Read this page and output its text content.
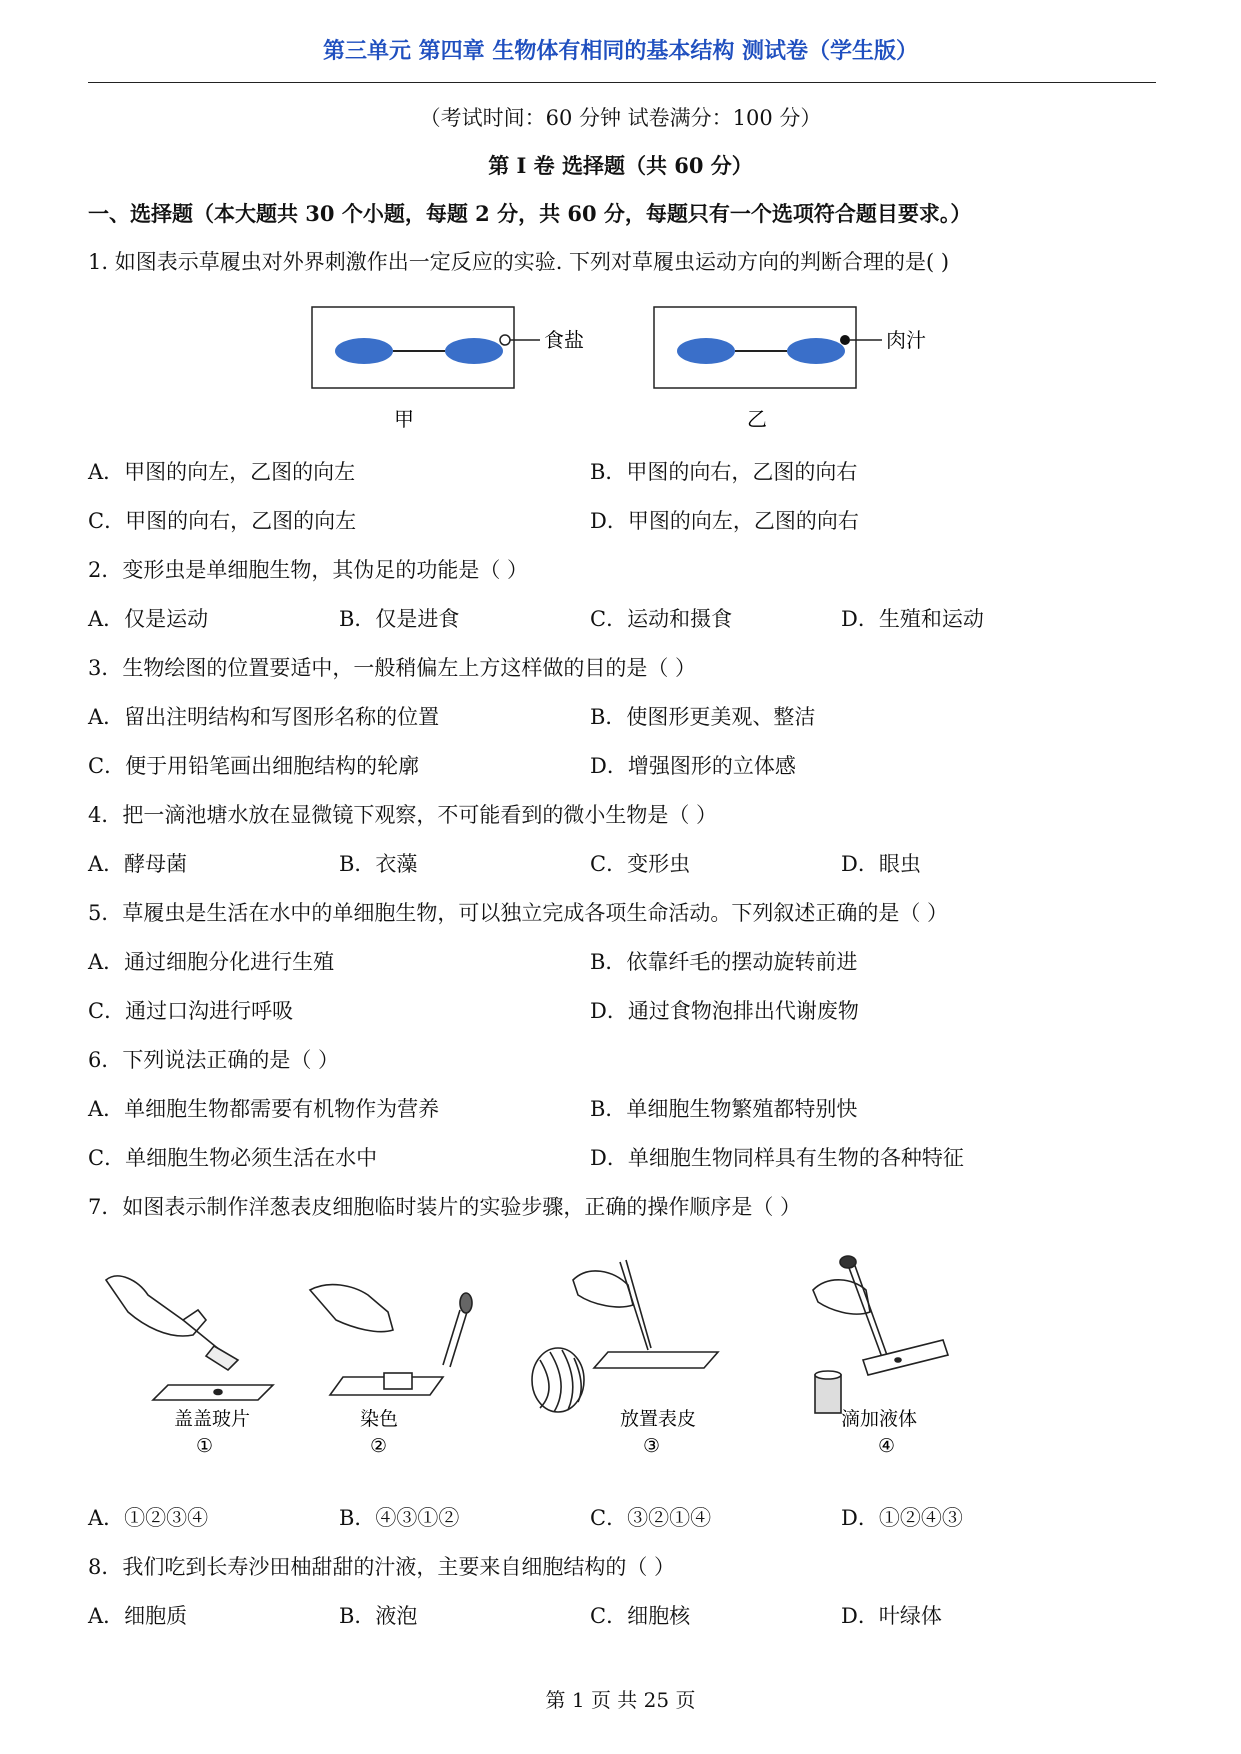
第三单元 第四章 生物体有相同的基本结构 测试卷（学生版）
（考试时间：60 分钟 试卷满分：100 分）
第 I 卷 选择题（共 60 分）
一、选择题（本大题共 30 个小题，每题 2 分，共 60 分，每题只有一个选项符合题目要求。）
1. 如图表示草履虫对外界刺激作出一定反应的实验. 下列对草履虫运动方向的判断合理的是( )
食盐
甲
肉汁
乙
A．甲图的向左，乙图的向左	B．甲图的向右，乙图的向右
C．甲图的向右，乙图的向左	D．甲图的向左，乙图的向右
2．变形虫是单细胞生物，其伪足的功能是（ ）
A．仅是运动	B．仅是进食	C．运动和摄食	D．生殖和运动
3．生物绘图的位置要适中，一般稍偏左上方这样做的目的是（ ）
A．留出注明结构和写图形名称的位置	B．使图形更美观、整洁
C．便于用铅笔画出细胞结构的轮廓	D．增强图形的立体感
4．把一滴池塘水放在显微镜下观察，不可能看到的微小生物是（ ）
A．酵母菌	B．衣藻	C．变形虫	D．眼虫
5．草履虫是生活在水中的单细胞生物，可以独立完成各项生命活动。下列叙述正确的是（ ）
A．通过细胞分化进行生殖	B．依靠纤毛的摆动旋转前进
C．通过口沟进行呼吸	D．通过食物泡排出代谢废物
6．下列说法正确的是（ ）
A．单细胞生物都需要有机物作为营养	B．单细胞生物繁殖都特别快
C．单细胞生物必须生活在水中	D．单细胞生物同样具有生物的各种特征
7．如图表示制作洋葱表皮细胞临时装片的实验步骤，正确的操作顺序是（ ）
盖盖玻片
①
染色
②
放置表皮
③
滴加液体
④
A．①②③④	B．④③①②	C．③②①④	D．①②④③
8．我们吃到长寿沙田柚甜甜的汁液，主要来自细胞结构的（ ）
A．细胞质	B．液泡	C．细胞核	D．叶绿体
第 1 页 共 25 页
